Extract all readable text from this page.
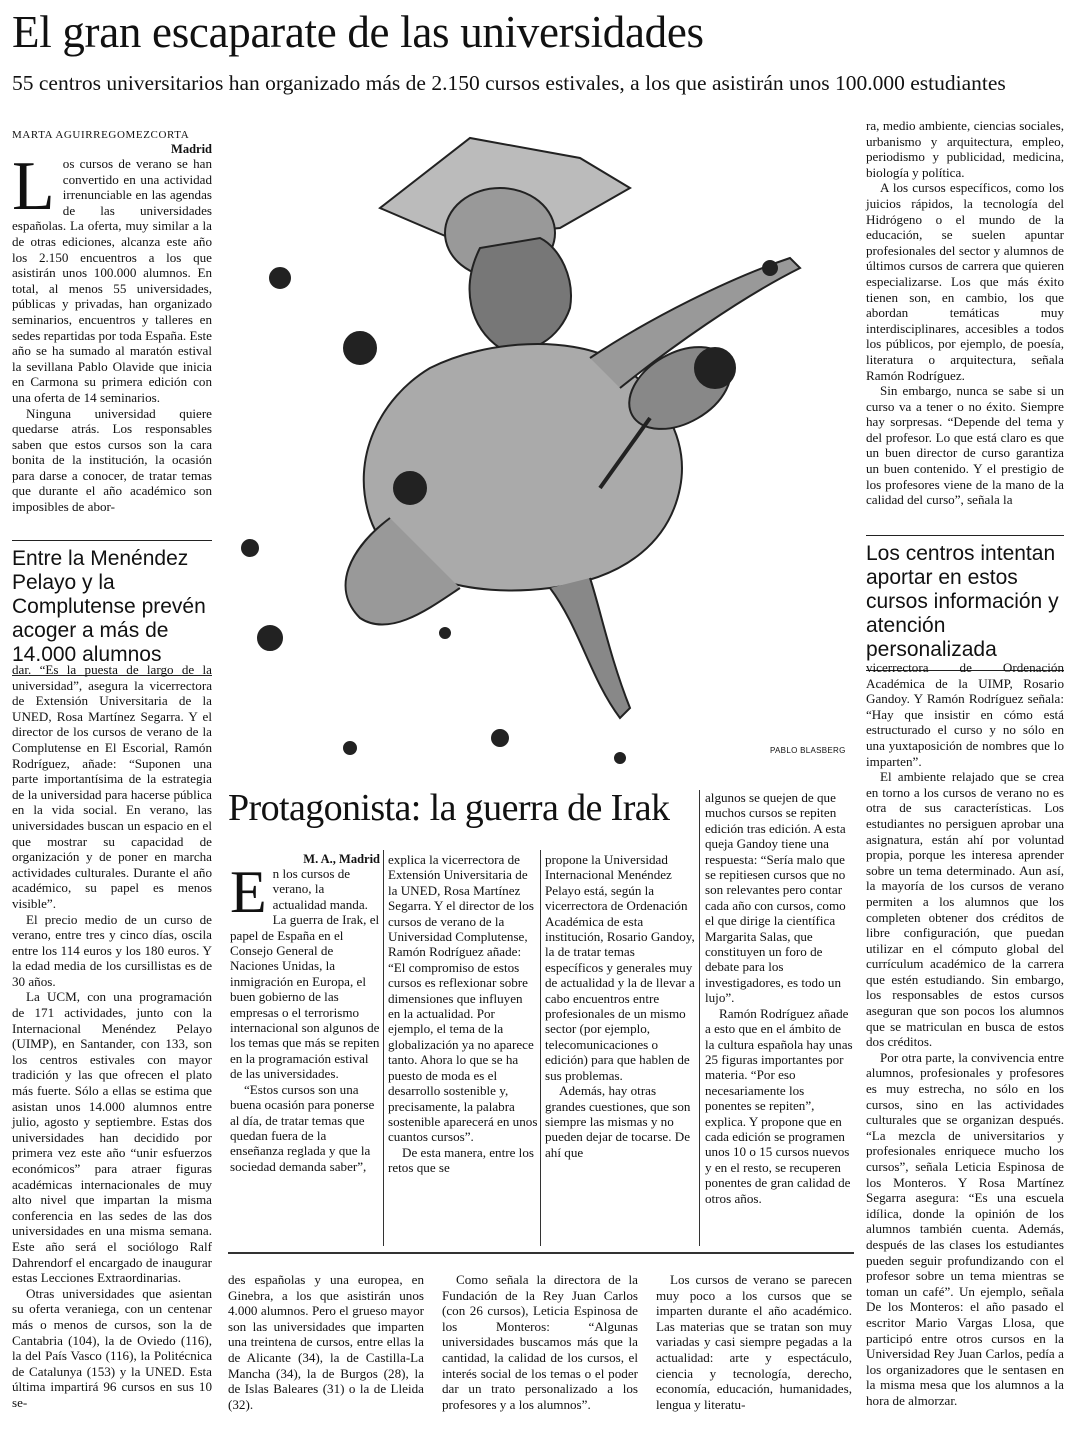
El gran escaparate de las universidades
55 centros universitarios han organizado más de 2.150 cursos estivales, a los que asistirán unos 100.000 estudiantes
MARTA AGUIRREGOMEZCORTA
Madrid

Los cursos de verano se han convertido en una actividad irrenunciable en las agendas de las universidades españolas. La oferta, muy similar a la de otras ediciones, alcanza este año los 2.150 encuentros a los que asistirán unos 100.000 alumnos. En total, al menos 55 universidades, públicas y privadas, han organizado seminarios, encuentros y talleres en sedes repartidas por toda España. Este año se ha sumado al maratón estival la sevillana Pablo Olavide que inicia en Carmona su primera edición con una oferta de 14 seminarios.

Ninguna universidad quiere quedarse atrás. Los responsables saben que estos cursos son la cara bonita de la institución, la ocasión para darse a conocer, de tratar temas que durante el año académico son imposibles de abor-

Entre la Menéndez Pelayo y la Complutense prevén acoger a más de 14.000 alumnos

dar. “Es la puesta de largo de la universidad”, asegura la vicerrectora de Extensión Universitaria de la UNED, Rosa Martínez Segarra. Y el director de los cursos de verano de la Complutense en El Escorial, Ramón Rodríguez, añade: “Suponen una parte importantísima de la estrategia de la universidad para hacerse pública en la vida social. En verano, las universidades buscan un espacio en el que mostrar su capacidad de organización y de poner en marcha actividades culturales. Durante el año académico, su papel es menos visible”.

El precio medio de un curso de verano, entre tres y cinco días, oscila entre los 114 euros y los 180 euros. Y la edad media de los cursillistas es de 30 años.

La UCM, con una programación de 171 actividades, junto con la Internacional Menéndez Pelayo (UIMP), en Santander, con 133, son los centros estivales con mayor tradición y las que ofrecen el plato más fuerte. Sólo a ellas se estima que asistan unos 14.000 alumnos entre julio, agosto y septiembre. Estas dos universidades han decidido por primera vez este año “unir esfuerzos económicos” para atraer figuras académicas internacionales de muy alto nivel que impartan la misma conferencia en las sedes de las dos universidades en una misma semana. Este año será el sociólogo Ralf Dahrendorf el encargado de inaugurar estas Lecciones Extraordinarias.

Otras universidades que asientan su oferta veraniega, con un centenar más o menos de cursos, son la de Cantabria (104), la de Oviedo (116), la del País Vasco (116), la Politécnica de Catalunya (153) y la UNED. Esta última impartirá 96 cursos en sus 10 se-

PABLO BLASBERG

ra, medio ambiente, ciencias sociales, urbanismo y arquitectura, empleo, periodismo y publicidad, medicina, biología y política.

A los cursos específicos, como los juicios rápidos, la tecnología del Hidrógeno o el mundo de la educación, se suelen apuntar profesionales del sector y alumnos de últimos cursos de carrera que quieren especializarse. Los que más éxito tienen son, en cambio, los que abordan temáticas muy interdisciplinares, accesibles a todos los públicos, por ejemplo, de poesía, literatura o arquitectura, señala Ramón Rodríguez.

Sin embargo, nunca se sabe si un curso va a tener o no éxito. Siempre hay sorpresas. “Depende del tema y del profesor. Lo que está claro es que un buen director de curso garantiza un buen contenido. Y el prestigio de los profesores viene de la mano de la calidad del curso”, señala la

Los centros intentan aportar en estos cursos información y atención personalizada

vicerrectora de Ordenación Académica de la UIMP, Rosario Gandoy. Y Ramón Rodríguez señala: “Hay que insistir en cómo está estructurado el curso y no sólo en una yuxtaposición de nombres que lo imparten”.

El ambiente relajado que se crea en torno a los cursos de verano no es otra de sus características. Los estudiantes no persiguen aprobar una asignatura, están ahí por voluntad propia, porque les interesa aprender sobre un tema determinado. Aun así, la mayoría de los cursos de verano permiten a los alumnos que los completen obtener dos créditos de libre configuración, que puedan utilizar en el cómputo global del currículum académico de la carrera que estén estudiando. Sin embargo, los responsables de estos cursos aseguran que son pocos los alumnos que se matriculan en busca de estos dos créditos.

Por otra parte, la convivencia entre alumnos, profesionales y profesores es muy estrecha, no sólo en los cursos, sino en las actividades culturales que se organizan después. “La mezcla de universitarios y profesionales enriquece mucho los cursos”, señala Leticia Espinosa de los Monteros. Y Rosa Martínez Segarra asegura: “Es una escuela idílica, donde la opinión de los alumnos también cuenta. Además, después de las clases los estudiantes pueden seguir profundizando con el profesor sobre un tema mientras se toman un café”. Un ejemplo, señala De los Monteros: el año pasado el escritor Mario Vargas Llosa, que participó entre otros cursos en la Universidad Rey Juan Carlos, pedía a los organizadores que le sentasen en la misma mesa que los alumnos a la hora de almorzar.

Protagonista: la guerra de Irak
M. A., Madrid

En los cursos de verano, la actualidad manda. La guerra de Irak, el papel de España en el Consejo General de Naciones Unidas, la inmigración en Europa, el buen gobierno de las empresas o el terrorismo internacional son algunos de los temas que más se repiten en la programación estival de las universidades.

“Estos cursos son una buena ocasión para ponerse al día, de tratar temas que quedan fuera de la enseñanza reglada y que la sociedad demanda saber”,

explica la vicerrectora de Extensión Universitaria de la UNED, Rosa Martínez Segarra. Y el director de los cursos de verano de la Universidad Complutense, Ramón Rodríguez añade: “El compromiso de estos cursos es reflexionar sobre dimensiones que influyen en la actualidad. Por ejemplo, el tema de la globalización ya no aparece tanto. Ahora lo que se ha puesto de moda es el desarrollo sostenible y, precisamente, la palabra sostenible aparecerá en unos cuantos cursos”.

De esta manera, entre los retos que se

propone la Universidad Internacional Menéndez Pelayo está, según la vicerrectora de Ordenación Académica de esta institución, Rosario Gandoy, la de tratar temas específicos y generales muy de actualidad y la de llevar a cabo encuentros entre profesionales de un mismo sector (por ejemplo, telecomunicaciones o edición) para que hablen de sus problemas.

Además, hay otras grandes cuestiones, que son siempre las mismas y no pueden dejar de tocarse. De ahí que

algunos se quejen de que muchos cursos se repiten edición tras edición. A esta queja Gandoy tiene una respuesta: “Sería malo que se repitiesen cursos que no son relevantes pero contar cada año con cursos, como el que dirige la científica Margarita Salas, que constituyen un foro de debate para los investigadores, es todo un lujo”.

Ramón Rodríguez añade a esto que en el ámbito de la cultura española hay unas 25 figuras importantes por materia. “Por eso necesariamente los ponentes se repiten”, explica. Y propone que en cada edición se programen unos 10 o 15 cursos nuevos y en el resto, se recuperen ponentes de gran calidad de otros años.

des españolas y una europea, en Ginebra, a los que asistirán unos 4.000 alumnos. Pero el grueso mayor son las universidades que imparten una treintena de cursos, entre ellas la de Alicante (34), la de Castilla-La Mancha (34), la de Burgos (28), la de Islas Baleares (31) o la de Lleida (32).

Como señala la directora de la Fundación de la Rey Juan Carlos (con 26 cursos), Leticia Espinosa de los Monteros: “Algunas universidades buscamos más que la cantidad, la calidad de los cursos, el interés social de los temas o el poder dar un trato personalizado a los profesores y a los alumnos”.

Los cursos de verano se parecen muy poco a los cursos que se imparten durante el año académico. Las materias que se tratan son muy variadas y casi siempre pegadas a la actualidad: arte y espectáculo, ciencia y tecnología, derecho, economía, educación, humanidades, lengua y literatu-
